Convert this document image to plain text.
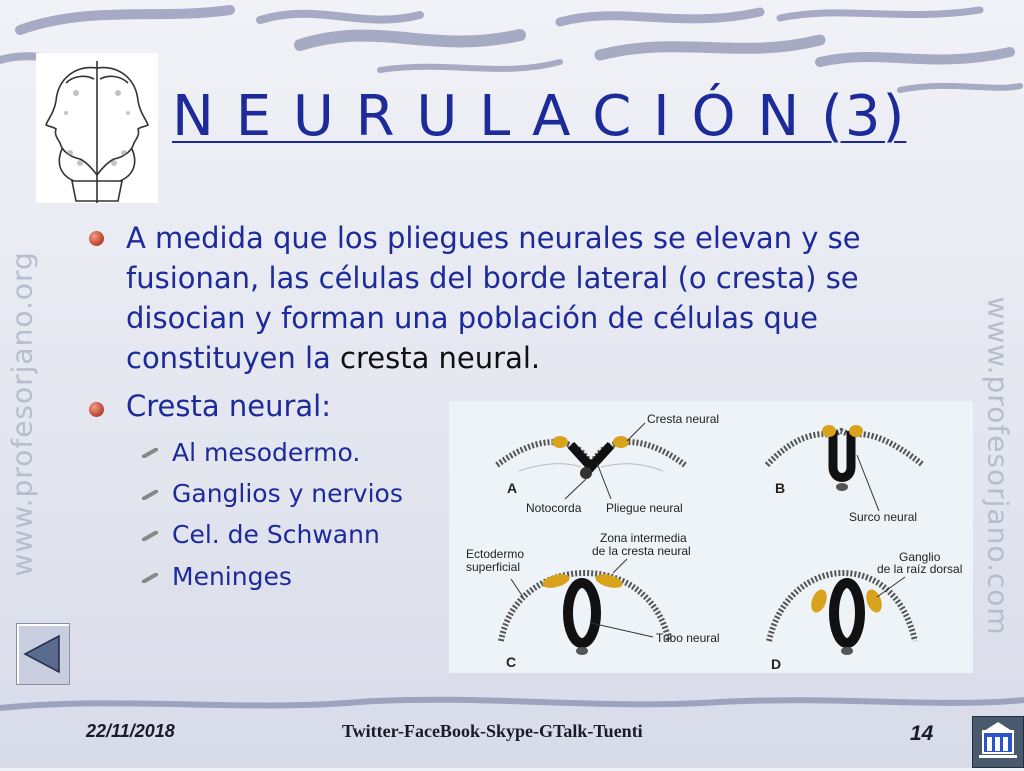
www.profesorjano.org	www.profesorjano.com
N E U R U L A C I Ó N (3)
A medida que los pliegues neurales se elevan y se fusionan, las células del borde lateral (o cresta) se disocian y forman una población de células que constituyen la cresta neural.
Cresta neural:
Al mesodermo.
Ganglios y nervios
Cel. de Schwann
Meninges
Cresta neural
Notocorda Pliegue neural
A
Surco neural
B
Ectodermo
superficial
Zona intermedia
de la cresta neural
Tubo neural
C
Ganglio
de la raíz dorsal
D
22/11/2018	Twitter-FaceBook-Skype-GTalk-Tuenti	14
